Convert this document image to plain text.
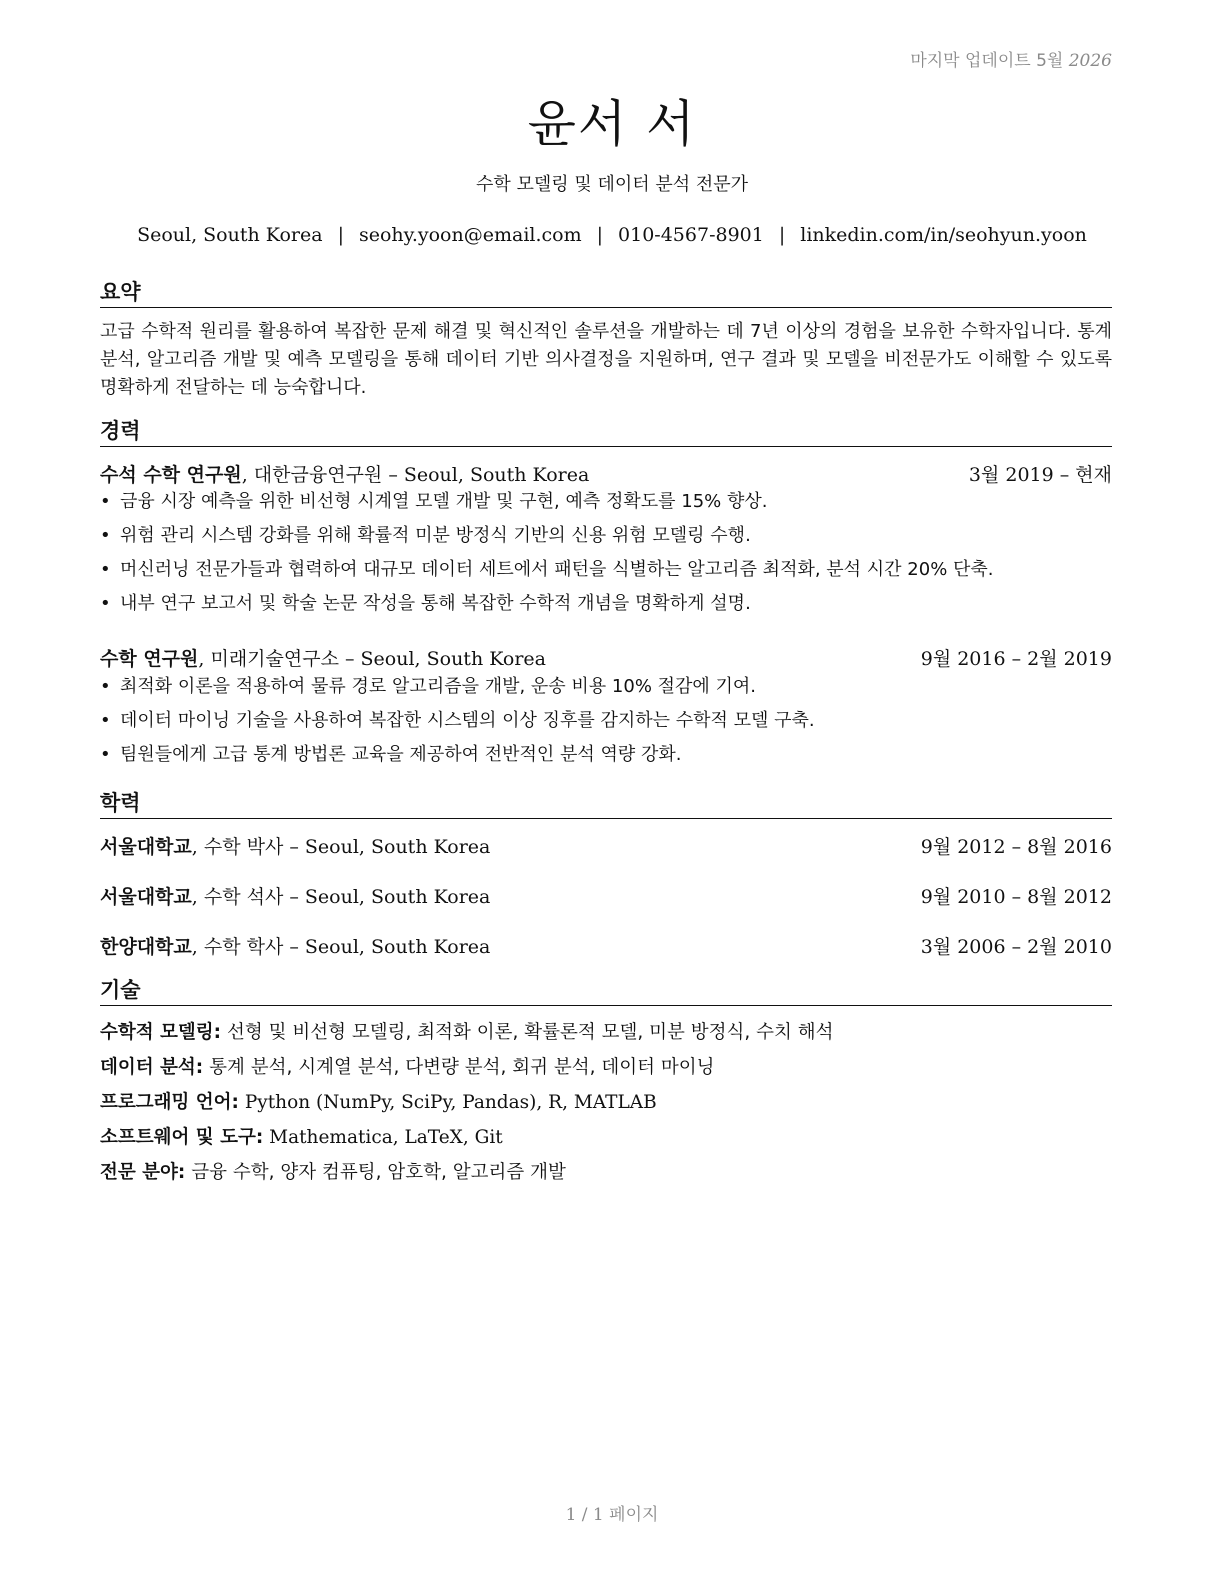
마지막 업데이트 5월 2026
윤서 서
수학 모델링 및 데이터 분석 전문가
Seoul, South Korea | seohy.yoon@email.com | 010-4567-8901 | linkedin.com/in/seohyun.yoon
요약
고급 수학적 원리를 활용하여 복잡한 문제 해결 및 혁신적인 솔루션을 개발하는 데 7년 이상의 경험을 보유한 수학자입니다. 통계 분석, 알고리즘 개발 및 예측 모델링을 통해 데이터 기반 의사결정을 지원하며, 연구 결과 및 모델을 비전문가도 이해할 수 있도록 명확하게 전달하는 데 능숙합니다.
경력
수석 수학 연구원, 대한금융연구원 – Seoul, South Korea	3월 2019 – 현재
• 금융 시장 예측을 위한 비선형 시계열 모델 개발 및 구현, 예측 정확도를 15% 향상.
• 위험 관리 시스템 강화를 위해 확률적 미분 방정식 기반의 신용 위험 모델링 수행.
• 머신러닝 전문가들과 협력하여 대규모 데이터 세트에서 패턴을 식별하는 알고리즘 최적화, 분석 시간 20% 단축.
• 내부 연구 보고서 및 학술 논문 작성을 통해 복잡한 수학적 개념을 명확하게 설명.
수학 연구원, 미래기술연구소 – Seoul, South Korea	9월 2016 – 2월 2019
• 최적화 이론을 적용하여 물류 경로 알고리즘을 개발, 운송 비용 10% 절감에 기여.
• 데이터 마이닝 기술을 사용하여 복잡한 시스템의 이상 징후를 감지하는 수학적 모델 구축.
• 팀원들에게 고급 통계 방법론 교육을 제공하여 전반적인 분석 역량 강화.
학력
서울대학교, 수학 박사 – Seoul, South Korea	9월 2012 – 8월 2016
서울대학교, 수학 석사 – Seoul, South Korea	9월 2010 – 8월 2012
한양대학교, 수학 학사 – Seoul, South Korea	3월 2006 – 2월 2010
기술
수학적 모델링: 선형 및 비선형 모델링, 최적화 이론, 확률론적 모델, 미분 방정식, 수치 해석
데이터 분석: 통계 분석, 시계열 분석, 다변량 분석, 회귀 분석, 데이터 마이닝
프로그래밍 언어: Python (NumPy, SciPy, Pandas), R, MATLAB
소프트웨어 및 도구: Mathematica, LaTeX, Git
전문 분야: 금융 수학, 양자 컴퓨팅, 암호학, 알고리즘 개발
1 / 1 페이지
